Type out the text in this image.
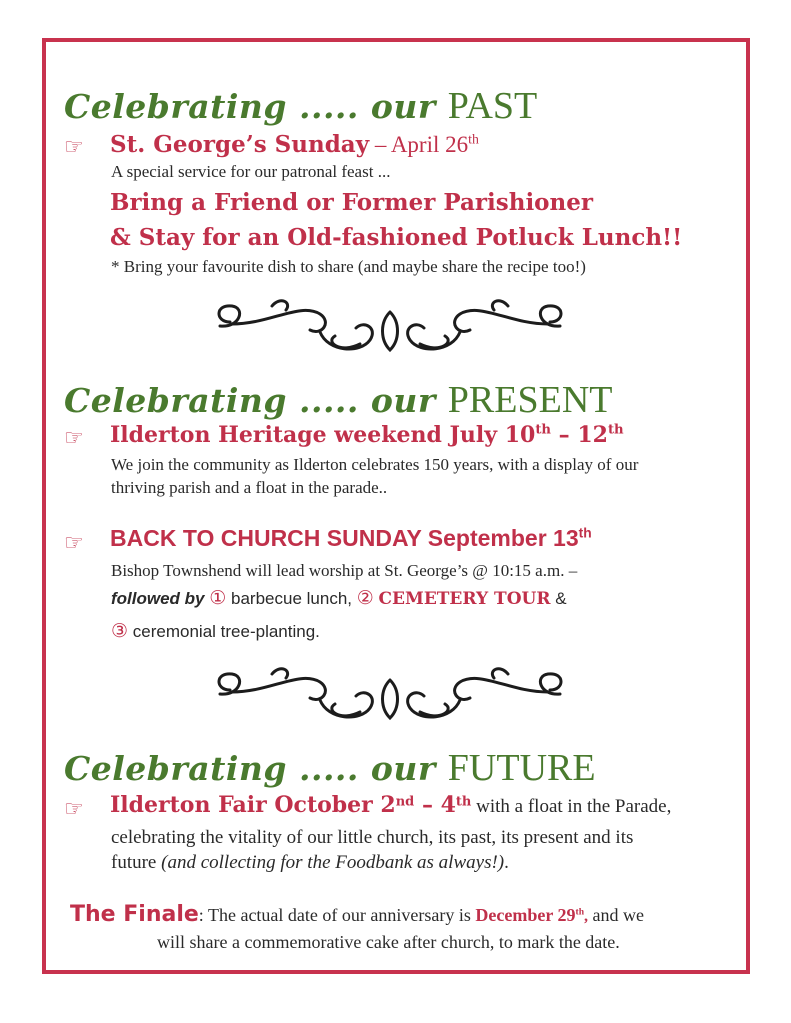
Celebrating ..... our PAST
☞ St. George’s Sunday – April 26th
A special service for our patronal feast ...
Bring a Friend or Former Parishioner
& Stay for an Old-fashioned Potluck Lunch!!
* Bring your favourite dish to share (and maybe share the recipe too!)
Celebrating ..... our PRESENT
☞ Ilderton Heritage weekend July 10th – 12th
We join the community as Ilderton celebrates 150 years, with a display of our
thriving parish and a float in the parade..
☞ BACK TO CHURCH SUNDAY September 13th
Bishop Townshend will lead worship at St. George’s @ 10:15 a.m. –
followed by ① barbecue lunch, ② CEMETERY TOUR &
③ ceremonial tree-planting.
Celebrating ..... our FUTURE
☞ Ilderton Fair October 2nd – 4th with a float in the Parade,
celebrating the vitality of our little church, its past, its present and its
future (and collecting for the Foodbank as always!).
The Finale: The actual date of our anniversary is December 29th, and we
will share a commemorative cake after church, to mark the date.
